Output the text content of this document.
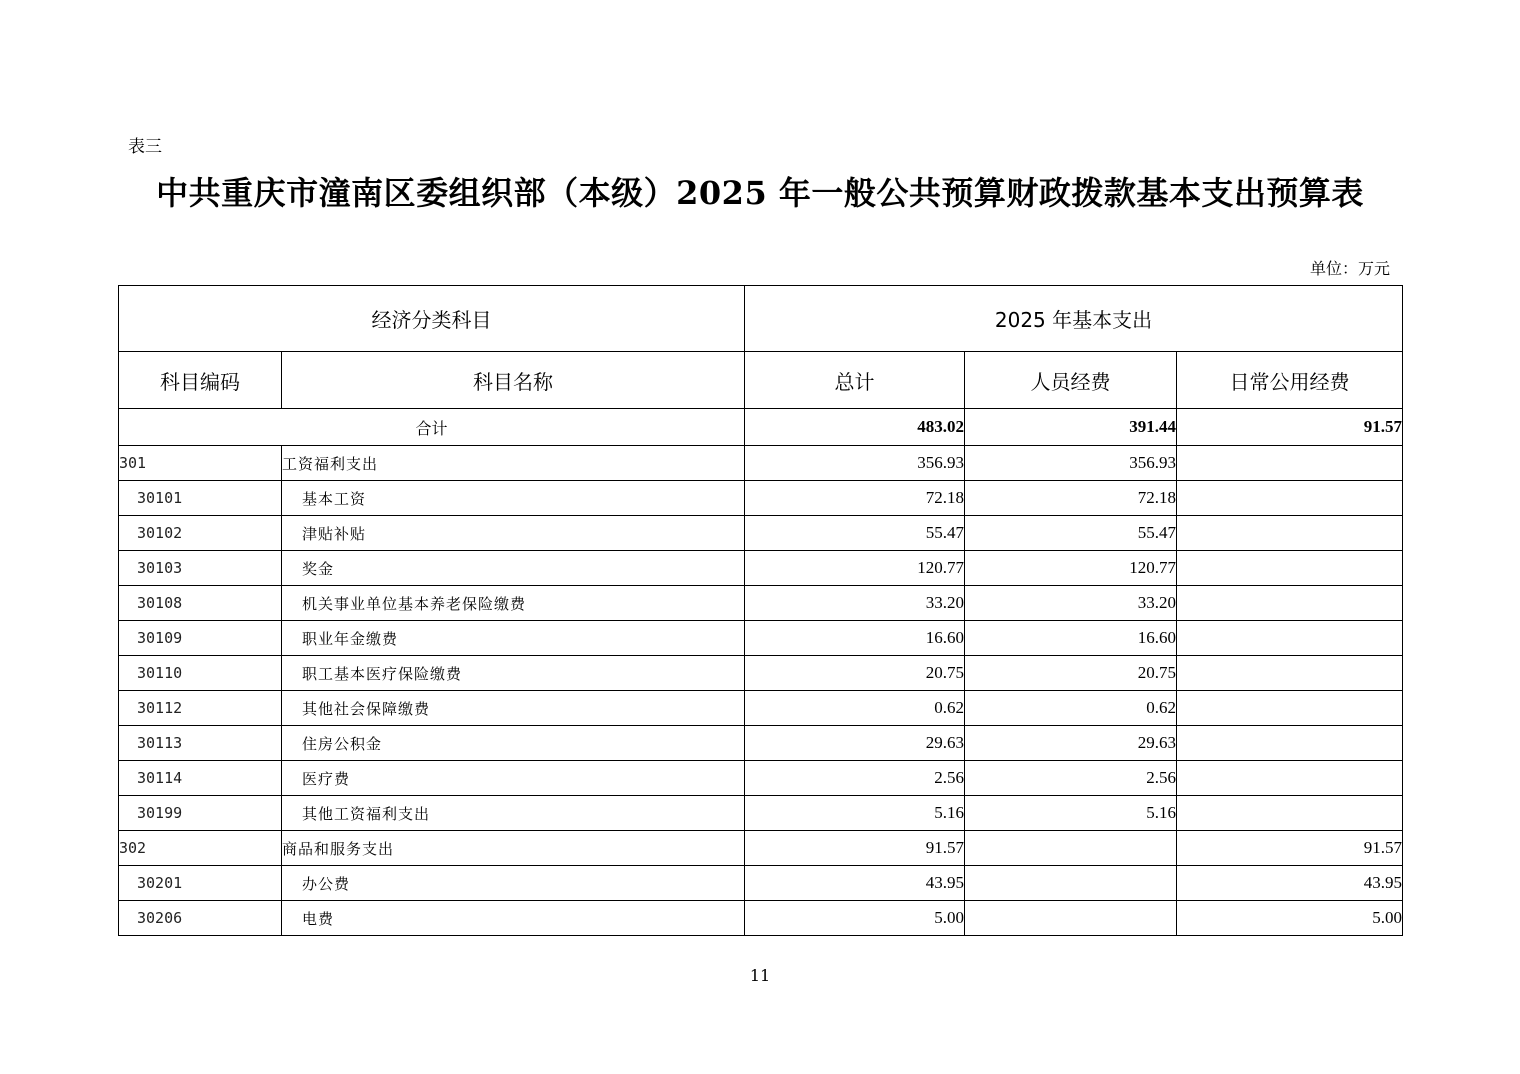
表三
中共重庆市潼南区委组织部（本级）2025 年一般公共预算财政拨款基本支出预算表
单位：万元
经济分类科目		2025 年基本支出		
科目编码	科目名称	总计	人员经费	日常公用经费
合计		483.02	391.44	91.57
301	工资福利支出	356.93	356.93	
30101	基本工资	72.18	72.18	
30102	津贴补贴	55.47	55.47	
30103	奖金	120.77	120.77	
30108	机关事业单位基本养老保险缴费	33.20	33.20	
30109	职业年金缴费	16.60	16.60	
30110	职工基本医疗保险缴费	20.75	20.75	
30112	其他社会保障缴费	0.62	0.62	
30113	住房公积金	29.63	29.63	
30114	医疗费	2.56	2.56	
30199	其他工资福利支出	5.16	5.16	
302	商品和服务支出	91.57		91.57
30201	办公费	43.95		43.95
30206	电费	5.00		5.00
11
